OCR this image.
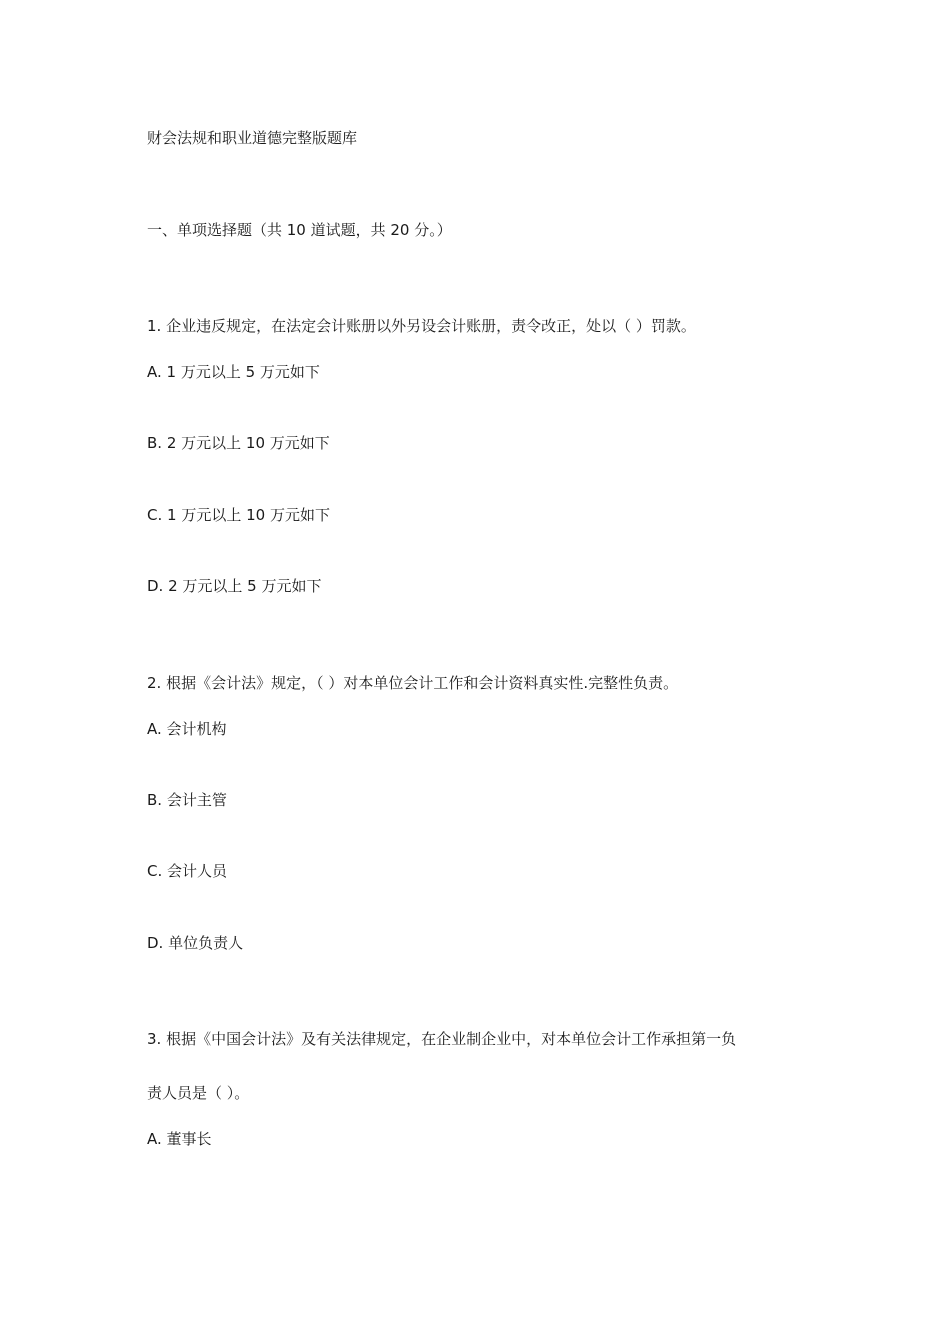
财会法规和职业道德完整版题库
一、单项选择题（共 10 道试题，共 20 分。）
1. 企业违反规定，在法定会计账册以外另设会计账册，责令改正，处以（ ）罚款。
A. 1 万元以上 5 万元如下
B. 2 万元以上 10 万元如下
C. 1 万元以上 10 万元如下
D. 2 万元以上 5 万元如下
2. 根据《会计法》规定，（ ）对本单位会计工作和会计资料真实性.完整性负责。
A. 会计机构
B. 会计主管
C. 会计人员
D. 单位负责人
3. 根据《中国会计法》及有关法律规定，在企业制企业中，对本单位会计工作承担第一负
责人员是（ ）。
A. 董事长
